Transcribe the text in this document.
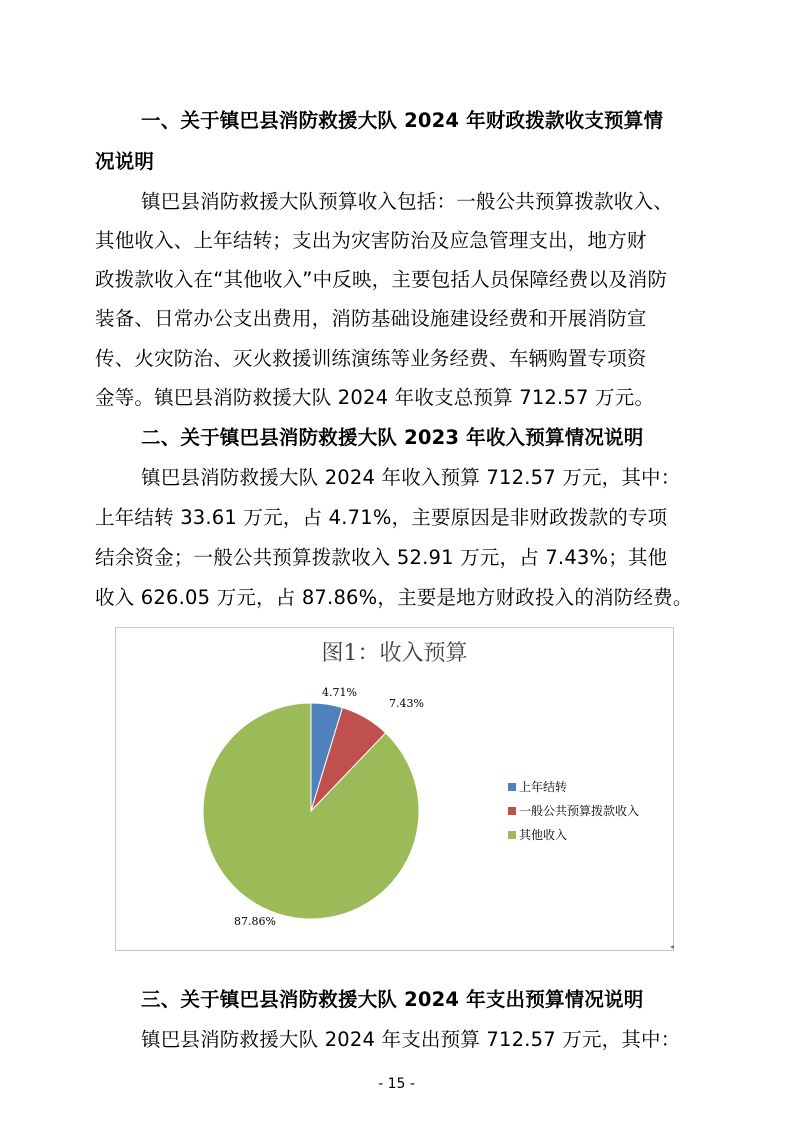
一、关于镇巴县消防救援大队 2024 年财政拨款收支预算情
况说明
镇巴县消防救援大队预算收入包括：一般公共预算拨款收入、
其他收入、上年结转；支出为灾害防治及应急管理支出，地方财
政拨款收入在“其他收入”中反映，主要包括人员保障经费以及消防
装备、日常办公支出费用，消防基础设施建设经费和开展消防宣
传、火灾防治、灭火救援训练演练等业务经费、车辆购置专项资
金等。镇巴县消防救援大队 2024 年收支总预算 712.57 万元。
二、关于镇巴县消防救援大队 2023 年收入预算情况说明
镇巴县消防救援大队 2024 年收入预算 712.57 万元，其中：
上年结转 33.61 万元，占 4.71%，主要原因是非财政拨款的专项
结余资金；一般公共预算拨款收入 52.91 万元，占 7.43%；其他
收入 626.05 万元，占 87.86%，主要是地方财政投入的消防经费。
图1：收入预算
4.71%
7.43%
87.86%
上年结转
一般公共预算拨款收入
其他收入
◂
三、关于镇巴县消防救援大队 2024 年支出预算情况说明
镇巴县消防救援大队 2024 年支出预算 712.57 万元，其中：
- 15 -
